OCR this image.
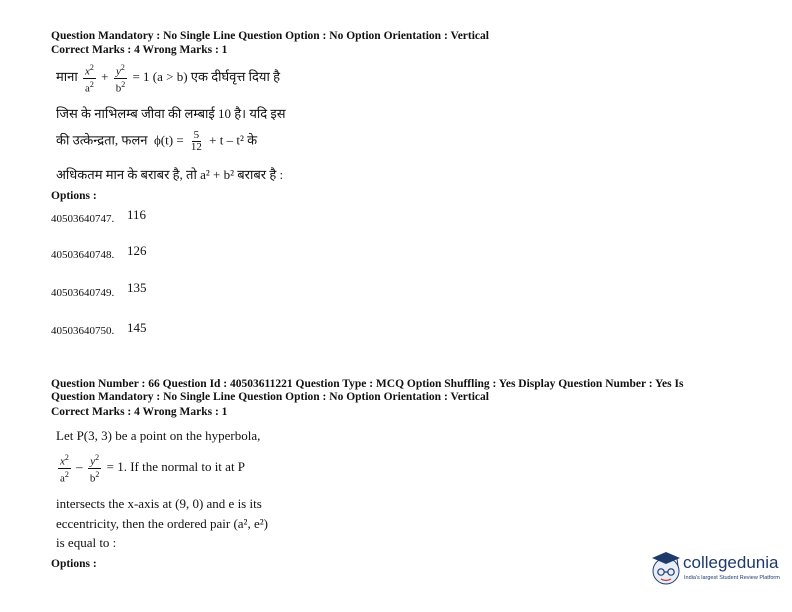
Question Mandatory : No Single Line Question Option : No Option Orientation : Vertical
Correct Marks : 4 Wrong Marks : 1
माना $\frac{x^2}{a^2} + \frac{y^2}{b^2} = 1$ (a > b) एक दीर्घवृत्त दिया है
जिस के नाभिलम्ब जीवा की लम्बाई 10 है। यदि इस
की उत्केन्द्रता, फलन $\phi(t) = \frac{5}{12} + t - t^2$ के
अधिकतम मान के बराबर है, तो a² + b² बराबर है :
Options :
40503640747. 116
40503640748. 126
40503640749. 135
40503640750. 145
Question Number : 66 Question Id : 40503611221 Question Type : MCQ Option Shuffling : Yes Display Question Number : Yes Is
Question Mandatory : No Single Line Question Option : No Option Orientation : Vertical
Correct Marks : 4 Wrong Marks : 1
Let P(3, 3) be a point on the hyperbola,
$\frac{x^2}{a^2} - \frac{y^2}{b^2} = 1$. If the normal to it at P
intersects the x-axis at (9, 0) and e is its
eccentricity, then the ordered pair (a², e²)
is equal to :
Options :	collegedunia
India's largest Student Review Platform
